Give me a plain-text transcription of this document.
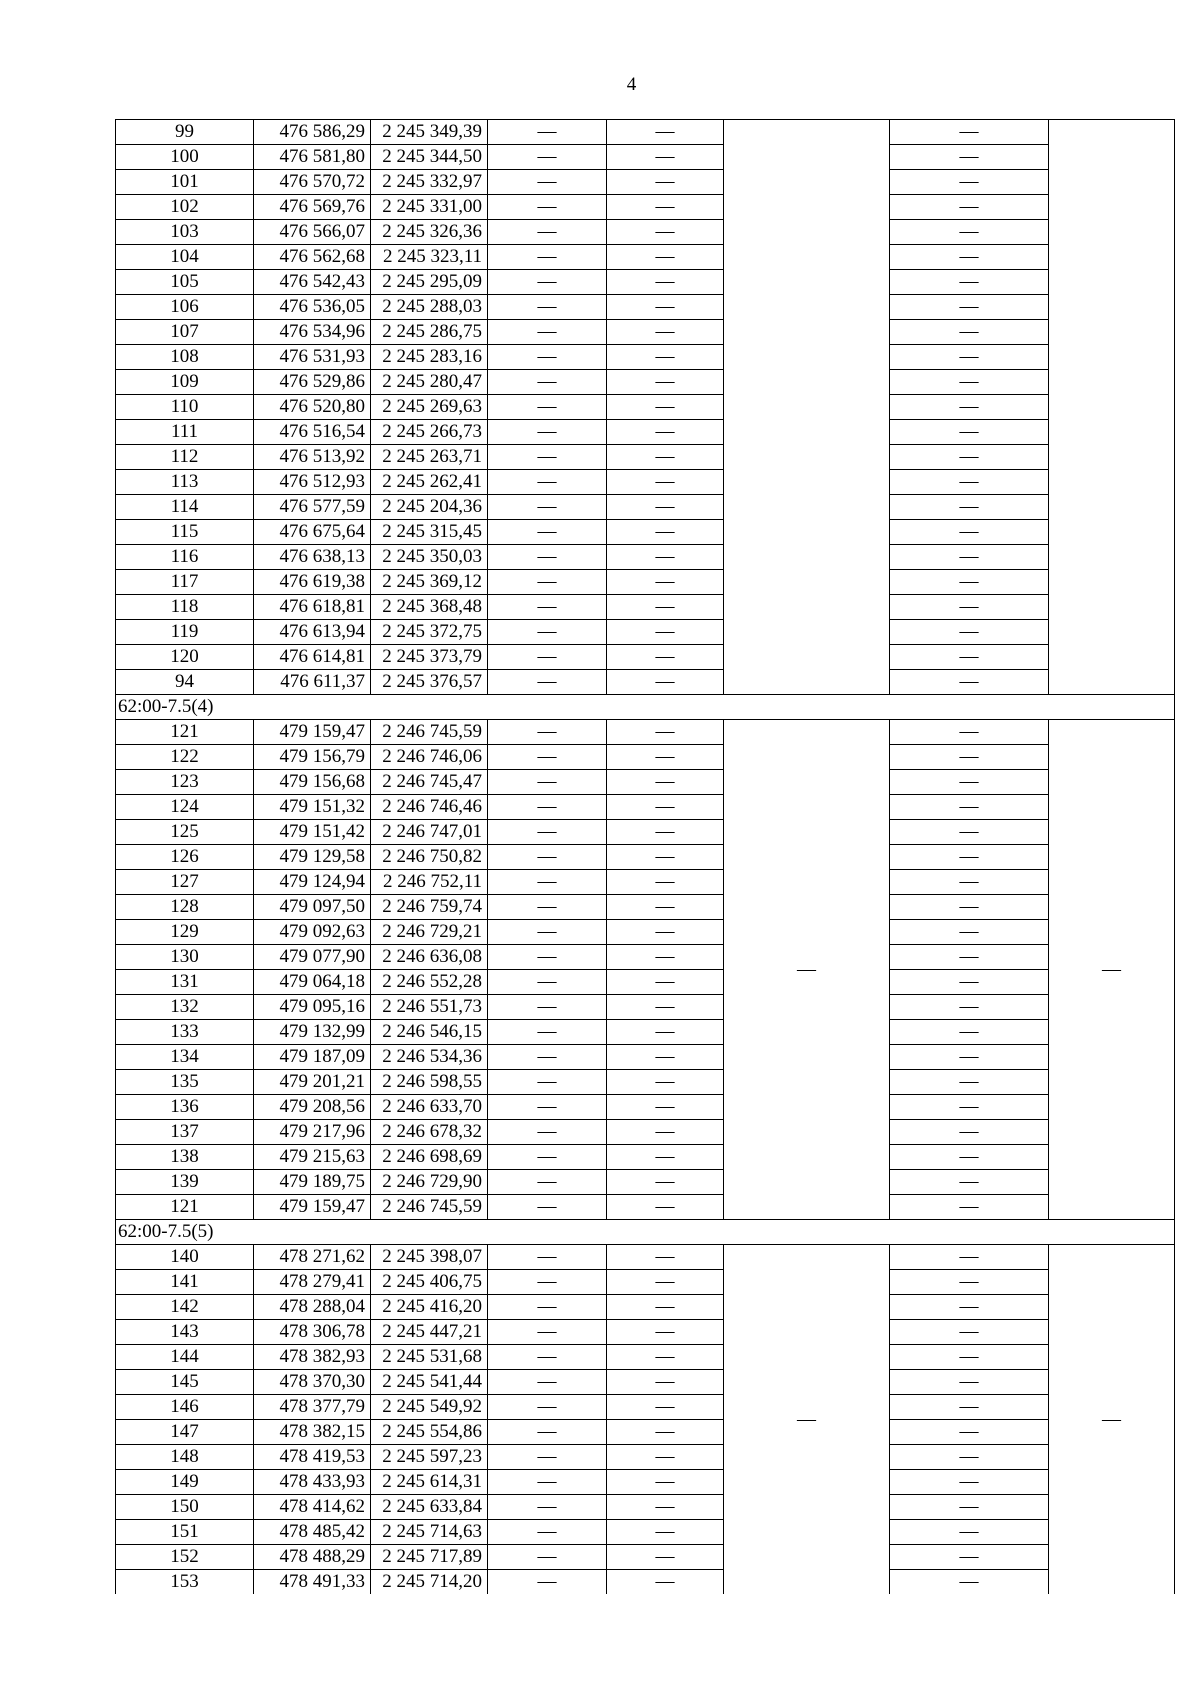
4
99	476 586,29	2 245 349,39	—	—		—	
100	476 581,80	2 245 344,50	—	—		—	
101	476 570,72	2 245 332,97	—	—		—	
102	476 569,76	2 245 331,00	—	—		—	
103	476 566,07	2 245 326,36	—	—		—	
104	476 562,68	2 245 323,11	—	—		—	
105	476 542,43	2 245 295,09	—	—		—	
106	476 536,05	2 245 288,03	—	—		—	
107	476 534,96	2 245 286,75	—	—		—	
108	476 531,93	2 245 283,16	—	—		—	
109	476 529,86	2 245 280,47	—	—		—	
110	476 520,80	2 245 269,63	—	—		—	
111	476 516,54	2 245 266,73	—	—		—	
112	476 513,92	2 245 263,71	—	—		—	
113	476 512,93	2 245 262,41	—	—		—	
114	476 577,59	2 245 204,36	—	—		—	
115	476 675,64	2 245 315,45	—	—		—	
116	476 638,13	2 245 350,03	—	—		—	
117	476 619,38	2 245 369,12	—	—		—	
118	476 618,81	2 245 368,48	—	—		—	
119	476 613,94	2 245 372,75	—	—		—	
120	476 614,81	2 245 373,79	—	—		—	
94	476 611,37	2 245 376,57	—	—		—	
62:00-7.5(4)							
121	479 159,47	2 246 745,59	—	—	—	—	—
122	479 156,79	2 246 746,06	—	—		—	
123	479 156,68	2 246 745,47	—	—		—	
124	479 151,32	2 246 746,46	—	—		—	
125	479 151,42	2 246 747,01	—	—		—	
126	479 129,58	2 246 750,82	—	—		—	
127	479 124,94	2 246 752,11	—	—		—	
128	479 097,50	2 246 759,74	—	—		—	
129	479 092,63	2 246 729,21	—	—		—	
130	479 077,90	2 246 636,08	—	—		—	
131	479 064,18	2 246 552,28	—	—		—	
132	479 095,16	2 246 551,73	—	—		—	
133	479 132,99	2 246 546,15	—	—		—	
134	479 187,09	2 246 534,36	—	—		—	
135	479 201,21	2 246 598,55	—	—		—	
136	479 208,56	2 246 633,70	—	—		—	
137	479 217,96	2 246 678,32	—	—		—	
138	479 215,63	2 246 698,69	—	—		—	
139	479 189,75	2 246 729,90	—	—		—	
121	479 159,47	2 246 745,59	—	—		—	
62:00-7.5(5)							
140	478 271,62	2 245 398,07	—	—	—	—	—
141	478 279,41	2 245 406,75	—	—		—	
142	478 288,04	2 245 416,20	—	—		—	
143	478 306,78	2 245 447,21	—	—		—	
144	478 382,93	2 245 531,68	—	—		—	
145	478 370,30	2 245 541,44	—	—		—	
146	478 377,79	2 245 549,92	—	—		—	
147	478 382,15	2 245 554,86	—	—		—	
148	478 419,53	2 245 597,23	—	—		—	
149	478 433,93	2 245 614,31	—	—		—	
150	478 414,62	2 245 633,84	—	—		—	
151	478 485,42	2 245 714,63	—	—		—	
152	478 488,29	2 245 717,89	—	—		—	
153	478 491,33	2 245 714,20	—	—		—	
